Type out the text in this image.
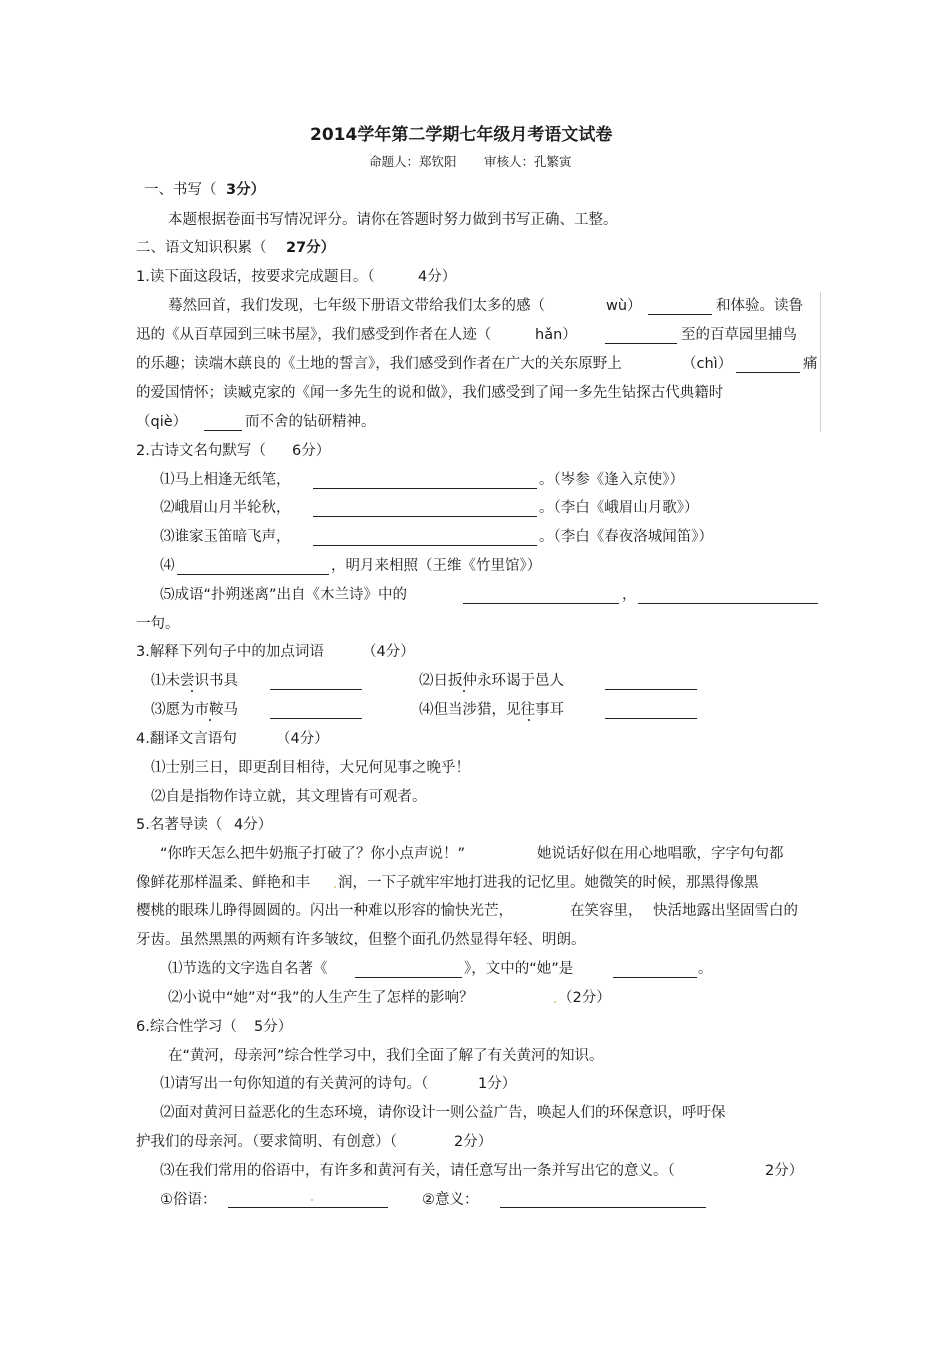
2014学年第二学期七年级月考语文试卷
命题人：郑钦阳 审核人：孔繁寅
一、书写（ 3分）
本题根据卷面书写情况评分。请你在答题时努力做到书写正确、工整。
二、语文知识积累（ 27分）
1.读下面这段话，按要求完成题目。（	4分）
蓦然回首，我们发现，七年级下册语文带给我们太多的感（	wù）	和体验。读鲁
迅的《从百草园到三味书屋》，我们感受到作者在人迹（	hǎn）	至的百草园里捕鸟
的乐趣；读端木蕻良的《土地的誓言》，我们感受到作者在广大的关东原野上	（chì）	痛
的爱国情怀；读臧克家的《闻一多先生的说和做》，我们感受到了闻一多先生钻探古代典籍时
（qiè）	而不舍的钻研精神。
2.古诗文名句默写（ 6分）
⑴马上相逢无纸笔，	。（岑参《逢入京使》）
⑵峨眉山月半轮秋，	。（李白《峨眉山月歌》）
⑶谁家玉笛暗飞声，	。（李白《春夜洛城闻笛》）
⑷	，明月来相照（王维《竹里馆》）
⑸成语“扑朔迷离”出自《木兰诗》中的	，
一句。
3.解释下列句子中的加点词语	（4分）
⑴未尝识书具	⑵日扳仲永环谒于邑人
⑶愿为市鞍马	⑷但当涉猎，见往事耳
4.翻译文言语句	（4分）
⑴士别三日，即更刮目相待，大兄何见事之晚乎！
⑵自是指物作诗立就，其文理皆有可观者。
5.名著导读（ 4分）
“你昨天怎么把牛奶瓶子打破了？你小点声说！”	她说话好似在用心地唱歌，字字句句都
像鲜花那样温柔、鲜艳和丰 润，一下子就牢牢地打进我的记忆里。她微笑的时候，那黑得像黑
樱桃的眼珠儿睁得圆圆的。闪出一种难以形容的愉快光芒，	在笑容里， 快活地露出坚固雪白的
牙齿。虽然黑黑的两颊有许多皱纹，但整个面孔仍然显得年轻、明朗。
⑴节选的文字选自名著《	》，文中的“她”是	。
⑵小说中“她”对“我”的人生产生了怎样的影响？	（2分）
6.综合性学习（ 5分）
在“黄河，母亲河”综合性学习中，我们全面了解了有关黄河的知识。
⑴请写出一句你知道的有关黄河的诗句。（	1分）
⑵面对黄河日益恶化的生态环境，请你设计一则公益广告，唤起人们的环保意识，呼吁保
护我们的母亲河。（要求简明、有创意）（	2分）
⑶在我们常用的俗语中，有许多和黄河有关，请任意写出一条并写出它的意义。（	2分）
①俗语：	②意义：
